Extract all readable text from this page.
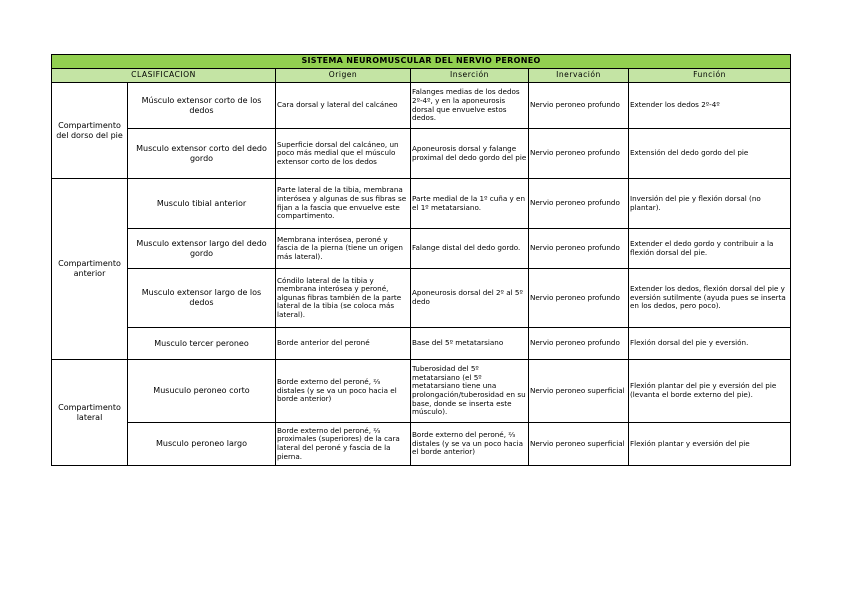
SISTEMA NEUROMUSCULAR DEL NERVIO PERONEO					
CLASIFICACION		Origen	Inserción	Inervación	Función
Compartimento del dorso del pie	Músculo extensor corto de los dedos	Cara dorsal y lateral del calcáneo	Falanges medias de los dedos 2º-4º, y en la aponeurosis dorsal que envuelve estos dedos.	Nervio peroneo profundo	Extender los dedos 2º-4º
	Musculo extensor corto del dedo gordo	Superficie dorsal del calcáneo, un poco más medial que el músculo extensor corto de los dedos	Aponeurosis dorsal y falange proximal del dedo gordo del pie	Nervio peroneo profundo	Extensión del dedo gordo del pie
Compartimento anterior	Musculo tibial anterior	Parte lateral de la tibia, membrana interósea y algunas de sus fibras se fijan a la fascia que envuelve este compartimento.	Parte medial de la 1º cuña y en el 1º metatarsiano.	Nervio peroneo profundo	Inversión del pie y flexión dorsal (no plantar).
	Musculo extensor largo del dedo gordo	Membrana interósea, peroné y fascia de la pierna (tiene un origen más lateral).	Falange distal del dedo gordo.	Nervio peroneo profundo	Extender el dedo gordo y contribuir a la flexión dorsal del pie.
	Musculo extensor largo de los dedos	Cóndilo lateral de la tibia y membrana interósea y peroné, algunas fibras también de la parte lateral de la tibia (se coloca más lateral).	Aponeurosis dorsal del 2º al 5º dedo	Nervio peroneo profundo	Extender los dedos, flexión dorsal del pie y eversión sutilmente (ayuda pues se inserta en los dedos, pero poco).
	Musculo tercer peroneo	Borde anterior del peroné	Base del 5º metatarsiano	Nervio peroneo profundo	Flexión dorsal del pie y eversión.
Compartimento lateral	Musuculo peroneo corto	Borde externo del peroné, ⅔ distales (y se va un poco hacia el borde anterior)	Tuberosidad del 5º metatarsiano (el 5º metatarsiano tiene una prolongación/tuberosidad en su base, donde se inserta este músculo).	Nervio peroneo superficial	Flexión plantar del pie y eversión del pie (levanta el borde externo del pie).
	Musculo peroneo largo	Borde externo del peroné, ⅔ proximales (superiores) de la cara lateral del peroné y fascia de la pierna.	Borde externo del peroné, ⅔ distales (y se va un poco hacia el borde anterior)	Nervio peroneo superficial	Flexión plantar y eversión del pie
